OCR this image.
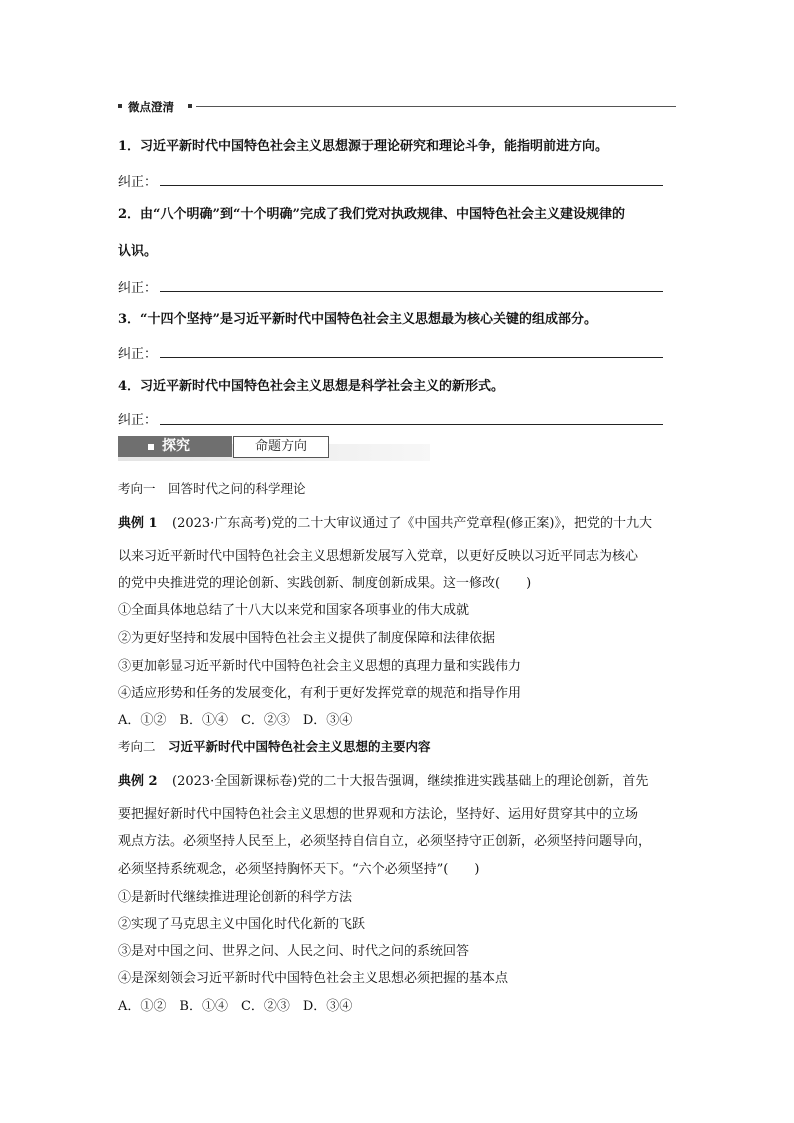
微点澄清
1．习近平新时代中国特色社会主义思想源于理论研究和理论斗争，能指明前进方向。
纠正：
2．由“八个明确”到“十个明确”完成了我们党对执政规律、中国特色社会主义建设规律的
认识。
纠正：
3．“十四个坚持”是习近平新时代中国特色社会主义思想最为核心关键的组成部分。
纠正：
4．习近平新时代中国特色社会主义思想是科学社会主义的新形式。
纠正：
探究	命题方向
考向一　回答时代之问的科学理论
典例 1 (2023·广东高考)党的二十大审议通过了《中国共产党章程(修正案)》，把党的十九大
以来习近平新时代中国特色社会主义思想新发展写入党章，以更好反映以习近平同志为核心
的党中央推进党的理论创新、实践创新、制度创新成果。这一修改(　　)
①全面具体地总结了十八大以来党和国家各项事业的伟大成就
②为更好坚持和发展中国特色社会主义提供了制度保障和法律依据
③更加彰显习近平新时代中国特色社会主义思想的真理力量和实践伟力
④适应形势和任务的发展变化，有利于更好发挥党章的规范和指导作用
A．①②　B．①④　C．②③　D．③④
考向二　习近平新时代中国特色社会主义思想的主要内容
典例 2 (2023·全国新课标卷)党的二十大报告强调，继续推进实践基础上的理论创新，首先
要把握好新时代中国特色社会主义思想的世界观和方法论，坚持好、运用好贯穿其中的立场
观点方法。必须坚持人民至上，必须坚持自信自立，必须坚持守正创新，必须坚持问题导向，
必须坚持系统观念，必须坚持胸怀天下。“六个必须坚持”(　　)
①是新时代继续推进理论创新的科学方法
②实现了马克思主义中国化时代化新的飞跃
③是对中国之问、世界之问、人民之问、时代之问的系统回答
④是深刻领会习近平新时代中国特色社会主义思想必须把握的基本点
A．①②　B．①④　C．②③　D．③④
